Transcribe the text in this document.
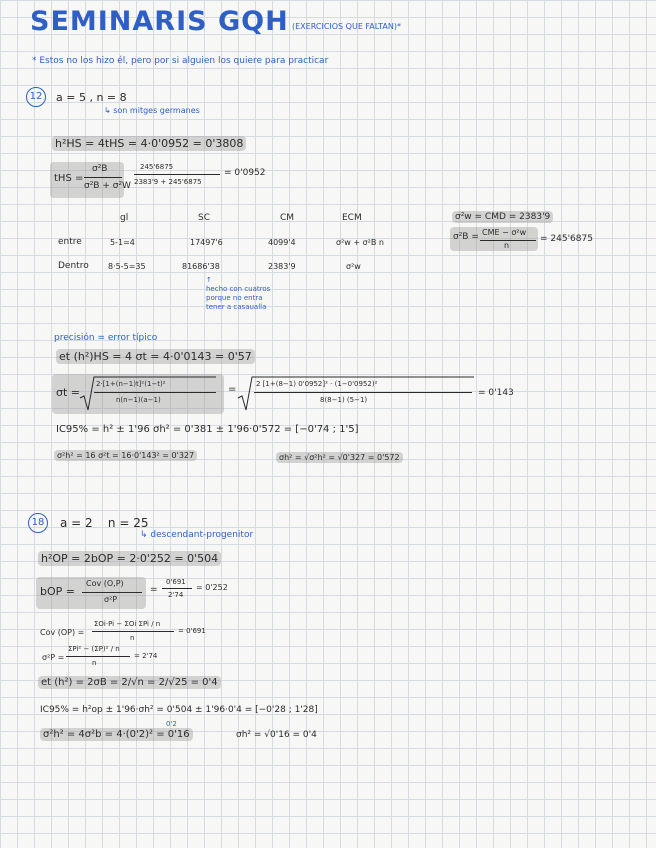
SEMINARIS GQH (EXERCICIOS QUE FALTAN)*
* Estos no los hizo él, pero por si alguien los quiere para practicar
12	a = 5 , n = 8
↳ son mitges germanes
h²HS = 4tHS = 4·0'0952 = 0'3808
tHS =
σ²B
σ²B + σ²W
245'6875
2383'9 + 245'6875
= 0'0952
gl	SC	CM	ECM
entre	5-1=4	17497'6	4099'4	σ²w + σ²B n
Dentro 8·5-5=35	81686'38	2383'9	σ²w
↑
hecho con cuatros
porque no entra
tener a casaualla
σ²w = CMD = 2383'9
σ²B = CME − σ²w
n
= 245'6875
precisión = error típico
et (h²)HS = 4 σt = 4·0'0143 = 0'57
σt =
2·[1+(n−1)t]²(1−t)²
n(n−1)(a−1)
=	2 [1+(8−1) 0'0952]² · (1−0'0952)²
8(8−1) (5−1)
= 0'143
IC95% = h² ± 1'96 σh² = 0'381 ± 1'96·0'572 = [−0'74 ; 1'5]
σ²h² = 16 σ²t = 16·0'143² = 0'327	σh² = √σ²h² = √0'327 = 0'572
18	a = 2    n = 25
↳ descendant-progenitor
h²OP = 2bOP = 2·0'252 = 0'504
bOP =
Cov (O,P)
σ²P
=
0'691
2'74
= 0'252
Cov (OP) =
ΣOi·Pi − ΣOi ΣPi / n
n
= 0'691
σ²P =
ΣPi² − (ΣP)² / n
n
= 2'74
et (h²) = 2σB = 2/√n = 2/√25 = 0'4
IC95% = h²op ± 1'96·σh² = 0'504 ± 1'96·0'4 = [−0'28 ; 1'28]
0'2
σ²h² = 4σ²b = 4·(0'2)² = 0'16	σh² = √0'16 = 0'4
